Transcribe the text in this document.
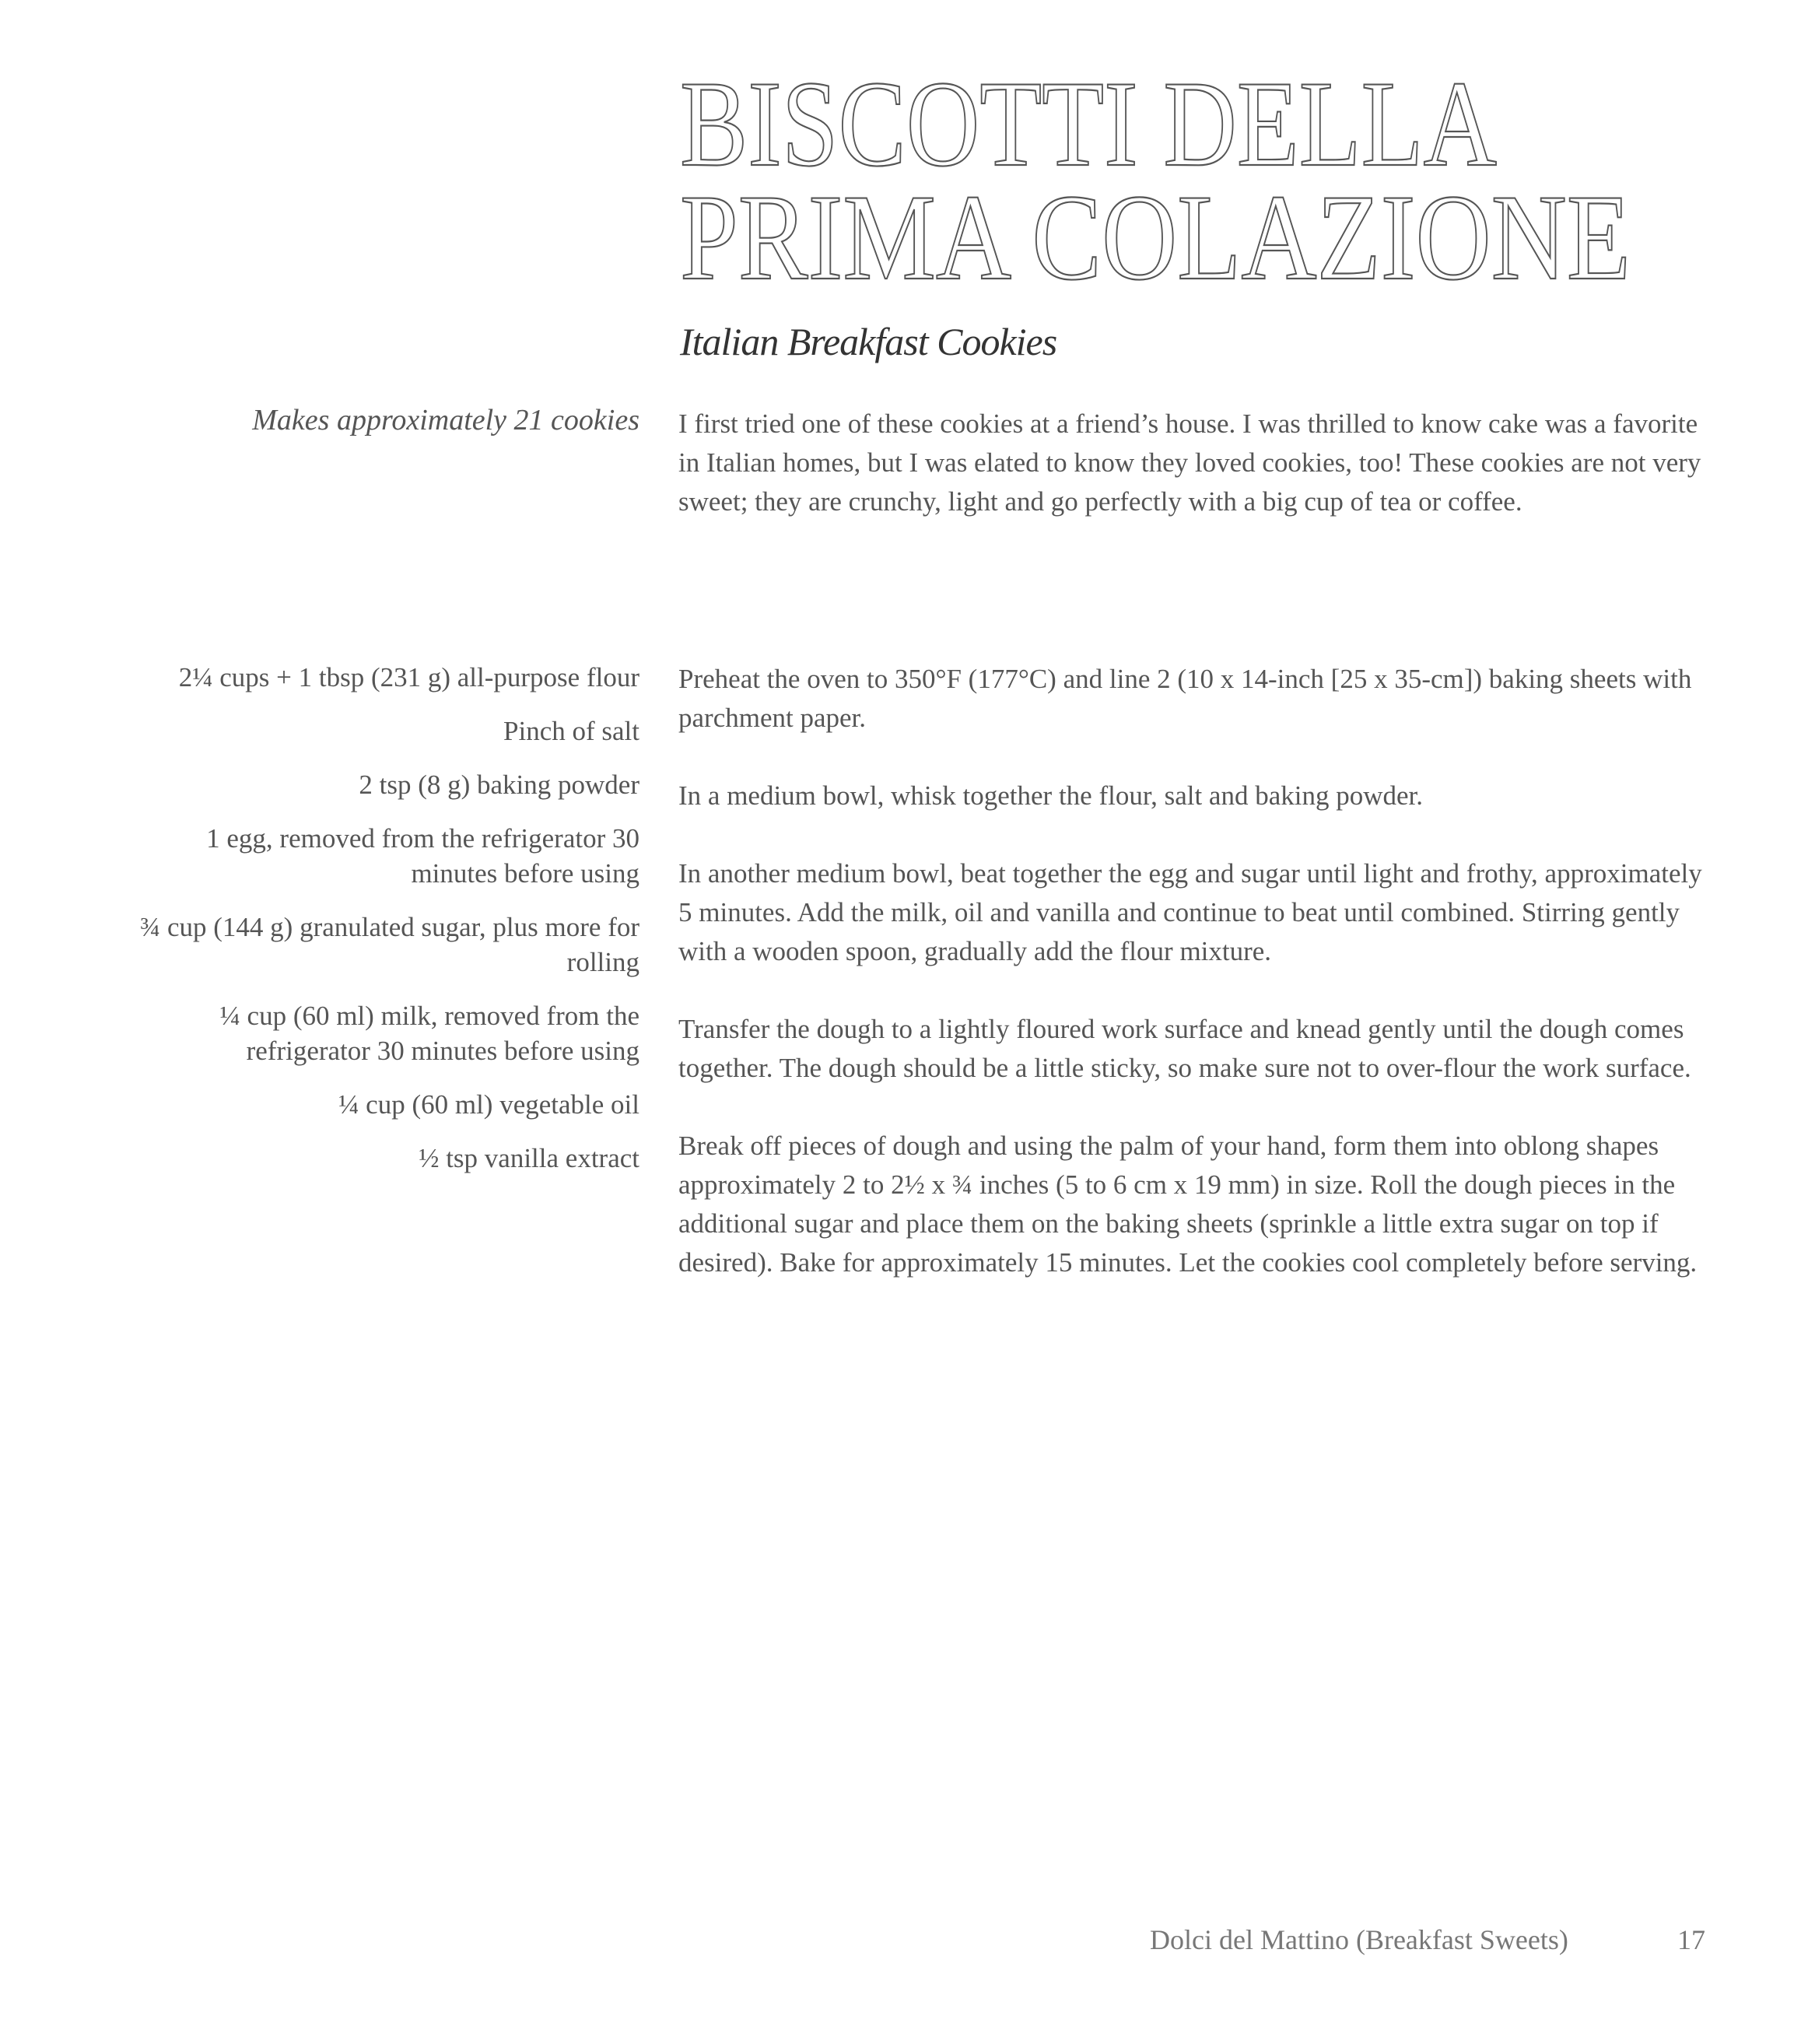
BISCOTTI DELLA
PRIMA COLAZIONE
Italian Breakfast Cookies
Makes approximately 21 cookies I first tried one of these cookies at a friend’s house. I was thrilled to know cake was a favorite in Italian homes, but I was elated to know they loved cookies, too! These cookies are not very sweet; they are crunchy, light and go perfectly with a big cup of tea or coffee.

2¼ cups + 1 tbsp (231 g) all-purpose flour
Pinch of salt
2 tsp (8 g) baking powder
1 egg, removed from the refrigerator 30 minutes before using
¾ cup (144 g) granulated sugar, plus more for rolling
¼ cup (60 ml) milk, removed from the refrigerator 30 minutes before using
¼ cup (60 ml) vegetable oil
½ tsp vanilla extract

Preheat the oven to 350°F (177°C) and line 2 (10 x 14-inch [25 x 35-cm]) baking sheets with parchment paper.

In a medium bowl, whisk together the flour, salt and baking powder.

In another medium bowl, beat together the egg and sugar until light and frothy, approximately 5 minutes. Add the milk, oil and vanilla and continue to beat until combined. Stirring gently with a wooden spoon, gradually add the flour mixture.

Transfer the dough to a lightly floured work surface and knead gently until the dough comes together. The dough should be a little sticky, so make sure not to over-flour the work surface.

Break off pieces of dough and using the palm of your hand, form them into oblong shapes approximately 2 to 2½ x ¾ inches (5 to 6 cm x 19 mm) in size. Roll the dough pieces in the additional sugar and place them on the baking sheets (sprinkle a little extra sugar on top if desired). Bake for approximately 15 minutes. Let the cookies cool completely before serving.

Dolci del Mattino (Breakfast Sweets)	17
